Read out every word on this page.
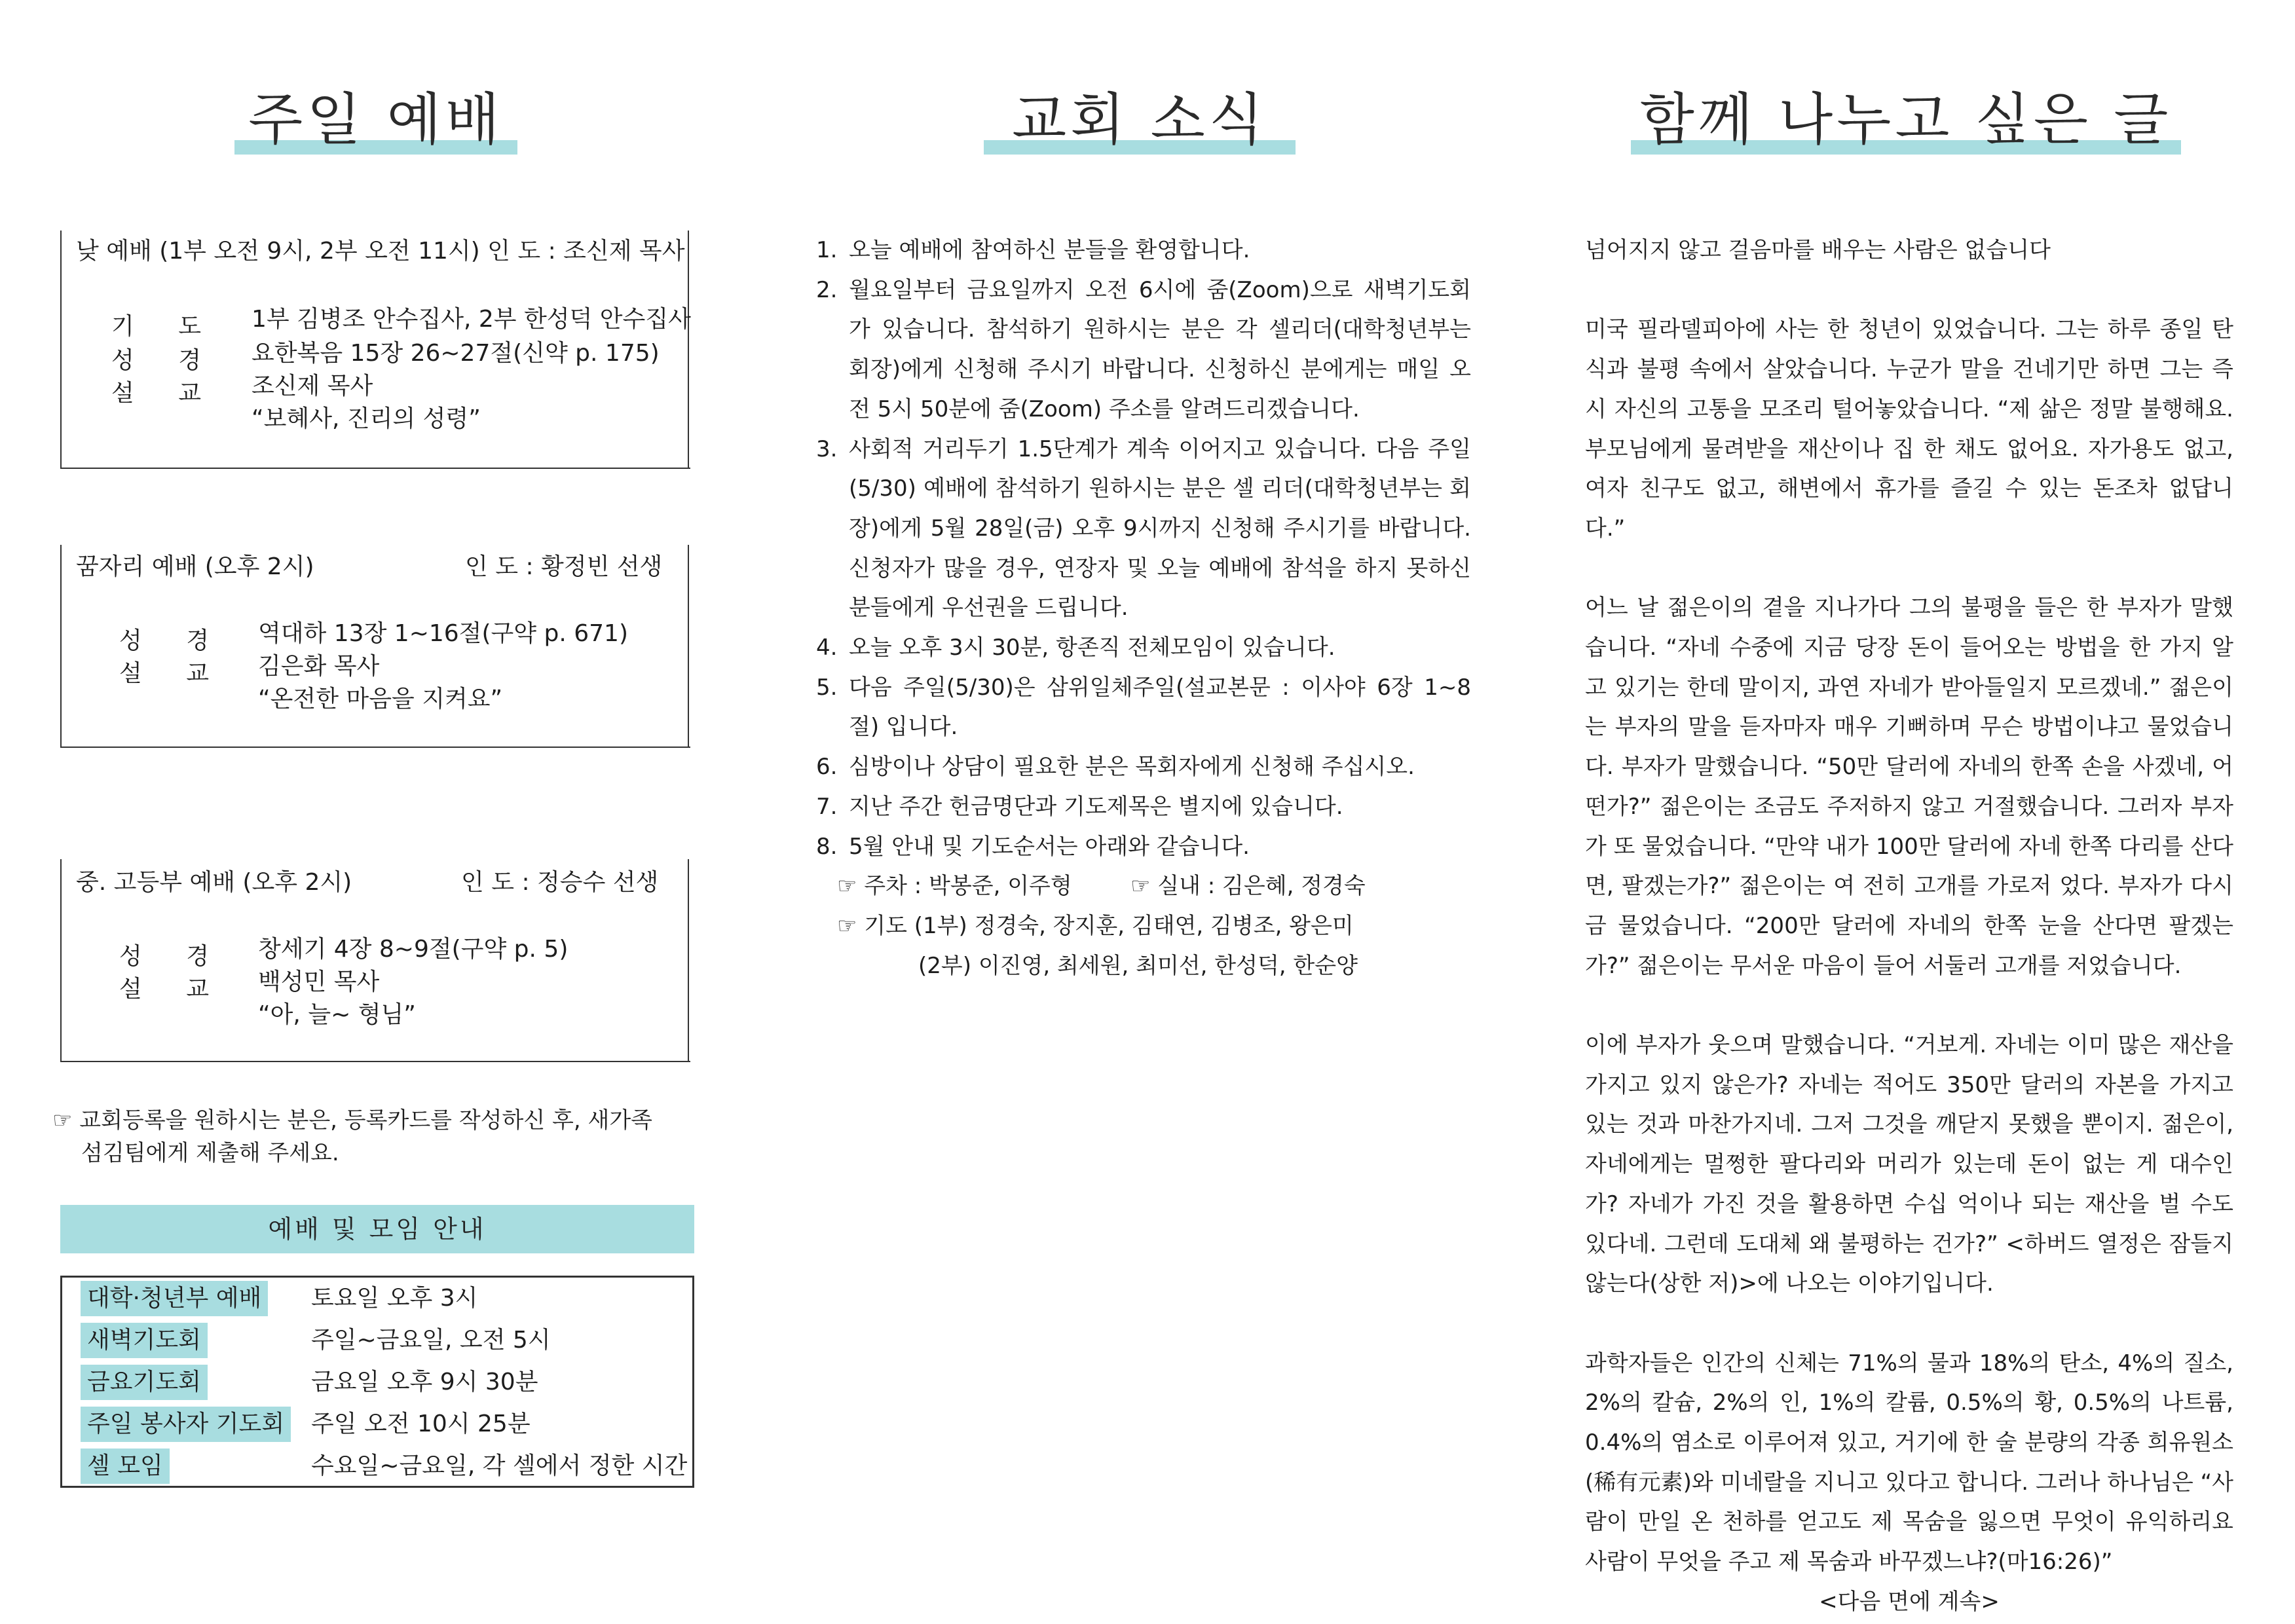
주일 예배
낮 예배 (1부 오전 9시, 2부 오전 11시) 인 도 : 조신제 목사
기 도 1부 김병조 안수집사, 2부 한성덕 안수집사
성 경 요한복음 15장 26~27절(신약 p. 175)
설 교 조신제 목사
“보혜사, 진리의 성령”
꿈자리 예배 (오후 2시)	인 도 : 황정빈 선생
성 경 역대하 13장 1~16절(구약 p. 671)
설 교 김은화 목사
“온전한 마음을 지켜요”
중. 고등부 예배 (오후 2시)	인 도 : 정승수 선생
성 경 창세기 4장 8~9절(구약 p. 5)
설 교 백성민 목사
“아, 늘~ 형님”
☞ 교회등록을 원하시는 분은, 등록카드를 작성하신 후, 새가족
섬김팀에게 제출해 주세요.
예배 및 모임 안내
대학·청년부 예배 토요일 오후 3시
새벽기도회	주일~금요일, 오전 5시
금요기도회	금요일 오후 9시 30분
주일 봉사자 기도회 주일 오전 10시 25분
셀 모임	수요일~금요일, 각 셀에서 정한 시간
교회 소식
1. 오늘 예배에 참여하신 분들을 환영합니다.
2. 월요일부터 금요일까지 오전 6시에 줌(Zoom)으로 새벽기도회가 있습니다. 참석하기 원하시는 분은 각 셀리더(대학청년부는 회장)에게 신청해 주시기 바랍니다. 신청하신 분에게는 매일 오전 5시 50분에 줌(Zoom) 주소를 알려드리겠습니다.
3. 사회적 거리두기 1.5단계가 계속 이어지고 있습니다. 다음 주일(5/30) 예배에 참석하기 원하시는 분은 셀 리더(대학청년부는 회장)에게 5월 28일(금) 오후 9시까지 신청해 주시기를 바랍니다. 신청자가 많을 경우, 연장자 및 오늘 예배에 참석을 하지 못하신 분들에게 우선권을 드립니다.
4. 오늘 오후 3시 30분, 항존직 전체모임이 있습니다.
5. 다음 주일(5/30)은 삼위일체주일(설교본문 : 이사야 6장 1~8절) 입니다.
6. 심방이나 상담이 필요한 분은 목회자에게 신청해 주십시오.
7. 지난 주간 헌금명단과 기도제목은 별지에 있습니다.
8. 5월 안내 및 기도순서는 아래와 같습니다.
☞ 주차 : 박봉준, 이주형	☞ 실내 : 김은혜, 정경숙
☞ 기도 (1부) 정경숙, 장지훈, 김태연, 김병조, 왕은미
(2부) 이진영, 최세원, 최미선, 한성덕, 한순양
함께 나누고 싶은 글

넘어지지 않고 걸음마를 배우는 사람은 없습니다

미국 필라델피아에 사는 한 청년이 있었습니다. 그는 하루 종일 탄식과 불평 속에서 살았습니다. 누군가 말을 건네기만 하면 그는 즉시 자신의 고통을 모조리 털어놓았습니다. “제 삶은 정말 불행해요. 부모님에게 물려받을 재산이나 집 한 채도 없어요. 자가용도 없고, 여자 친구도 없고, 해변에서 휴가를 즐길 수 있는 돈조차 없답니다.”

어느 날 젊은이의 곁을 지나가다 그의 불평을 들은 한 부자가 말했습니다. “자네 수중에 지금 당장 돈이 들어오는 방법을 한 가지 알고 있기는 한데 말이지, 과연 자네가 받아들일지 모르겠네.” 젊은이는 부자의 말을 듣자마자 매우 기뻐하며 무슨 방법이냐고 물었습니다. 부자가 말했습니다. “50만 달러에 자네의 한쪽 손을 사겠네, 어떤가?” 젊은이는 조금도 주저하지 않고 거절했습니다. 그러자 부자가 또 물었습니다. “만약 내가 100만 달러에 자네 한쪽 다리를 산다면, 팔겠는가?” 젊은이는 여 전히 고개를 가로저 었다. 부자가 다시금 물었습니다. “200만 달러에 자네의 한쪽 눈을 산다면 팔겠는가?” 젊은이는 무서운 마음이 들어 서둘러 고개를 저었습니다.

이에 부자가 웃으며 말했습니다. “거보게. 자네는 이미 많은 재산을 가지고 있지 않은가? 자네는 적어도 350만 달러의 자본을 가지고 있는 것과 마찬가지네. 그저 그것을 깨닫지 못했을 뿐이지. 젊은이, 자네에게는 멀쩡한 팔다리와 머리가 있는데 돈이 없는 게 대수인가? 자네가 가진 것을 활용하면 수십 억이나 되는 재산을 벌 수도 있다네. 그런데 도대체 왜 불평하는 건가?” <하버드 열정은 잠들지 않는다(상한 저)>에 나오는 이야기입니다.

과학자들은 인간의 신체는 71%의 물과 18%의 탄소, 4%의 질소, 2%의 칼슘, 2%의 인, 1%의 칼륨, 0.5%의 황, 0.5%의 나트륨, 0.4%의 염소로 이루어져 있고, 거기에 한 술 분량의 각종 희유원소(稀有元素)와 미네랄을 지니고 있다고 합니다. 그러나 하나님은 “사람이 만일 온 천하를 얻고도 제 목숨을 잃으면 무엇이 유익하리요 사람이 무엇을 주고 제 목숨과 바꾸겠느냐?(마16:26)”

<다음 면에 계속>
